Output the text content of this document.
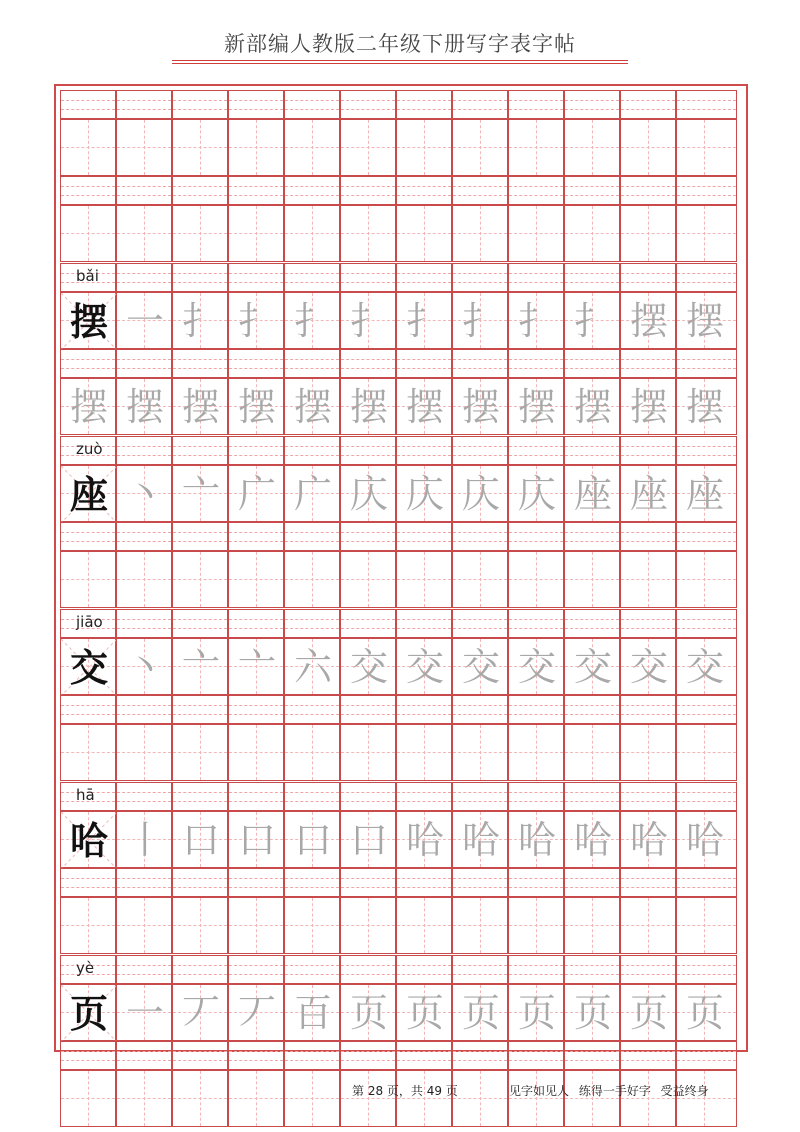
新部编人教版二年级下册写字表字帖
bǎi
摆 一 扌 扌 扌 扌 扌 扌 扌 扌 摆 摆
摆 摆 摆 摆 摆 摆 摆 摆 摆 摆 摆 摆
zuò
座 丶 亠 广 广 庂 庂 庂 庂 座 座 座
jiāo
交 丶 亠 亠 六 交 交 交 交 交 交 交
hā
哈 丨 口 口 口 口 哈 哈 哈 哈 哈 哈
yè
页 一 丆 丆 百 页 页 页 页 页 页 页
第 28 页，共 49 页	见字如见人 练得一手好字 受益终身
